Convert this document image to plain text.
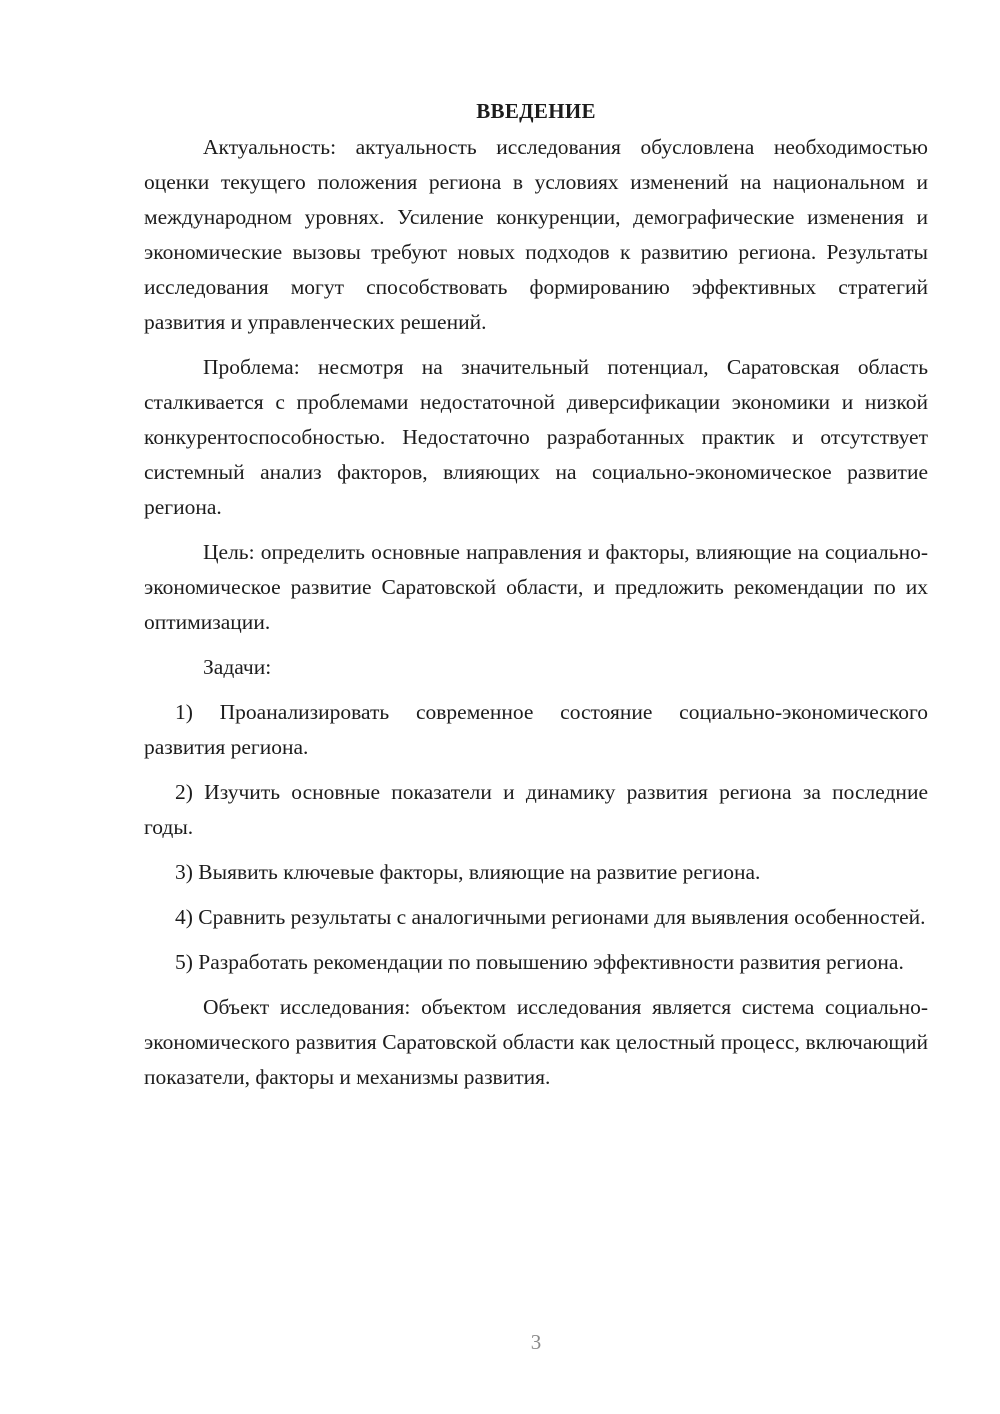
ВВЕДЕНИЕ

Актуальность: актуальность исследования обусловлена необходимостью оценки текущего положения региона в условиях изменений на национальном и международном уровнях. Усиление конкуренции, демографические изменения и экономические вызовы требуют новых подходов к развитию региона. Результаты исследования могут способствовать формированию эффективных стратегий развития и управленческих решений.

Проблема: несмотря на значительный потенциал, Саратовская область сталкивается с проблемами недостаточной диверсификации экономики и низкой конкурентоспособностью. Недостаточно разработанных практик и отсутствует системный анализ факторов, влияющих на социально-экономическое развитие региона.

Цель: определить основные направления и факторы, влияющие на социально-экономическое развитие Саратовской области, и предложить рекомендации по их оптимизации.

Задачи:

1) Проанализировать современное состояние социально-экономического развития региона.

2) Изучить основные показатели и динамику развития региона за последние годы.

3) Выявить ключевые факторы, влияющие на развитие региона.

4) Сравнить результаты с аналогичными регионами для выявления особенностей.

5) Разработать рекомендации по повышению эффективности развития региона.

Объект исследования: объектом исследования является система социально-экономического развития Саратовской области как целостный процесс, включающий показатели, факторы и механизмы развития.

3
